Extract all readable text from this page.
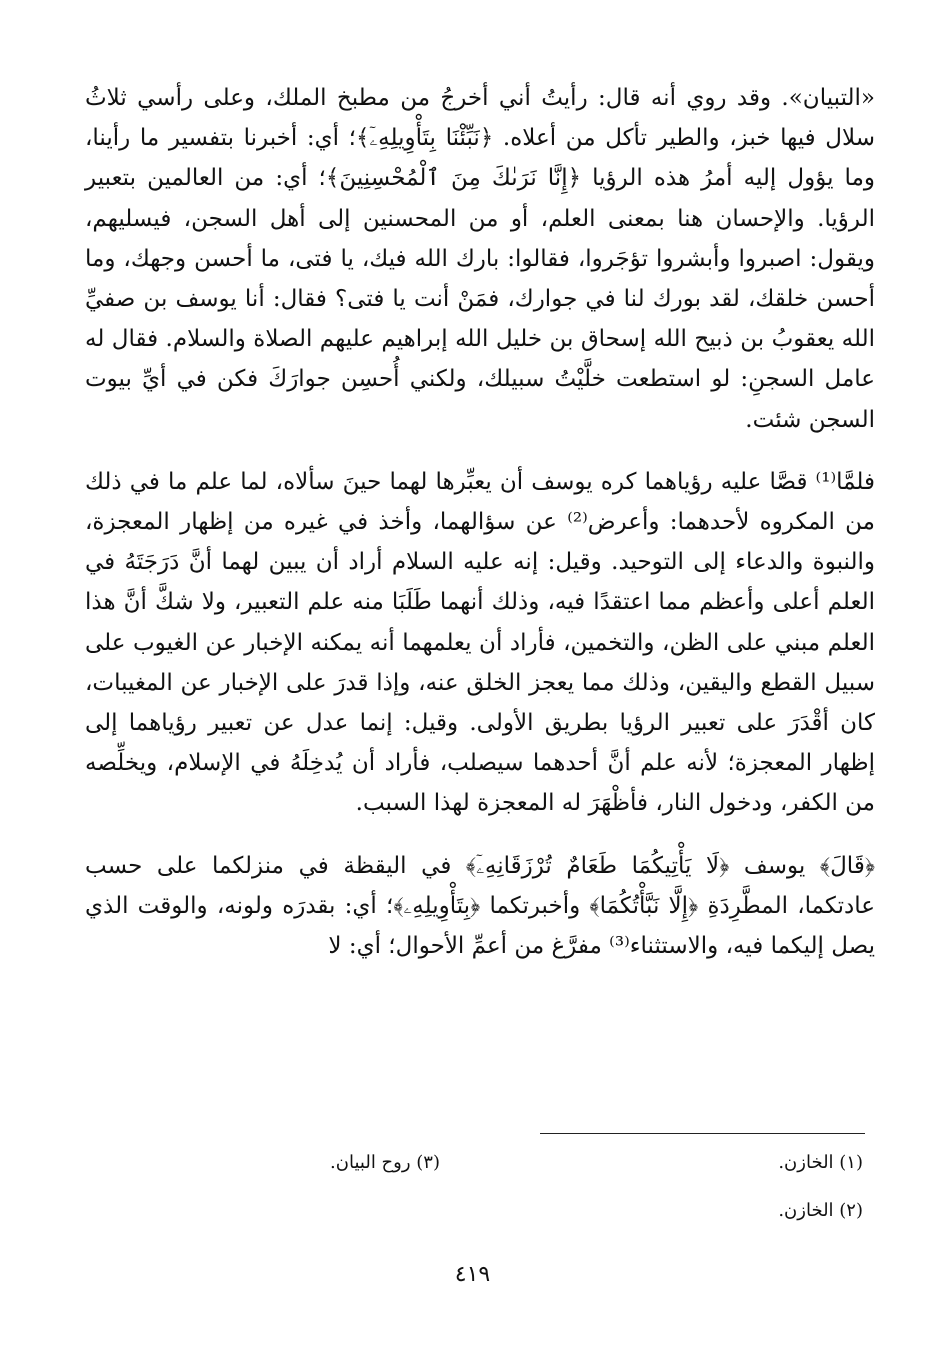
«التبيان». وقد روي أنه قال: رأيتُ أني أخرجُ من مطبخ الملك، وعلى رأسي ثلاثُ سلال فيها خبز، والطير تأكل من أعلاه. ﴿نَبِّئْنَا بِتَأْوِيلِهِۦٓ﴾؛ أي: أخبرنا بتفسير ما رأينا، وما يؤول إليه أمرُ هذه الرؤيا ﴿إِنَّا نَرَىٰكَ مِنَ ٱلْمُحْسِنِينَ﴾؛ أي: من العالمين بتعبير الرؤيا. والإحسان هنا بمعنى العلم، أو من المحسنين إلى أهل السجن، فيسليهم، ويقول: اصبروا وأبشروا تؤجَروا، فقالوا: بارك الله فيك، يا فتى، ما أحسن وجهك، وما أحسن خلقك، لقد بورك لنا في جوارك، فمَنْ أنت يا فتى؟ فقال: أنا يوسف بن صفيِّ الله يعقوبُ بن ذبيح الله إسحاق بن خليل الله إبراهيم عليهم الصلاة والسلام. فقال له عامل السجنِ: لو استطعت خلَّيْتُ سبيلك، ولكني أُحسِن جوارَكَ فكن في أيِّ بيوت السجن شئت.

فلمَّا⁽¹⁾ قصَّا عليه رؤياهما كره يوسف أن يعبِّرها لهما حينَ سألاه، لما علم ما في ذلك من المكروه لأحدهما: وأعرض⁽²⁾ عن سؤالهما، وأخذ في غيره من إظهار المعجزة، والنبوة والدعاء إلى التوحيد. وقيل: إنه عليه السلام أراد أن يبين لهما أنَّ دَرَجَتَهُ في العلم أعلى وأعظم مما اعتقدًا فيه، وذلك أنهما طَلَبَا منه علم التعبير، ولا شكَّ أنَّ هذا العلم مبني على الظن، والتخمين، فأراد أن يعلمهما أنه يمكنه الإخبار عن الغيوب على سبيل القطع واليقين، وذلك مما يعجز الخلق عنه، وإذا قدرَ على الإخبار عن المغيبات، كان أقْدَرَ على تعبير الرؤيا بطريق الأولى. وقيل: إنما عدل عن تعبير رؤياهما إلى إظهار المعجزة؛ لأنه علم أنَّ أحدهما سيصلب، فأراد أن يُدخِلَهُ في الإسلام، ويخلِّصه من الكفر، ودخول النار، فأظْهَرَ له المعجزة لهذا السبب.

﴿قَالَ﴾ يوسف ﴿لَا يَأْتِيكُمَا طَعَامٌ تُرْزَقَانِهِۦٓ﴾ في اليقظة في منزلكما على حسب عادتكما، المطَّرِدَةِ ﴿إِلَّا نَبَّأْتُكُمَا﴾ وأخبرتكما ﴿بِتَأْوِيلِهِۦ﴾؛ أي: بقدرَه ولونه، والوقت الذي يصل إليكما فيه، والاستثناء⁽³⁾ مفرَّغ من أعمِّ الأحوال؛ أي: لا

(١) الخازن.
(٣) روح البيان.
(٢) الخازن.
٤١٩
